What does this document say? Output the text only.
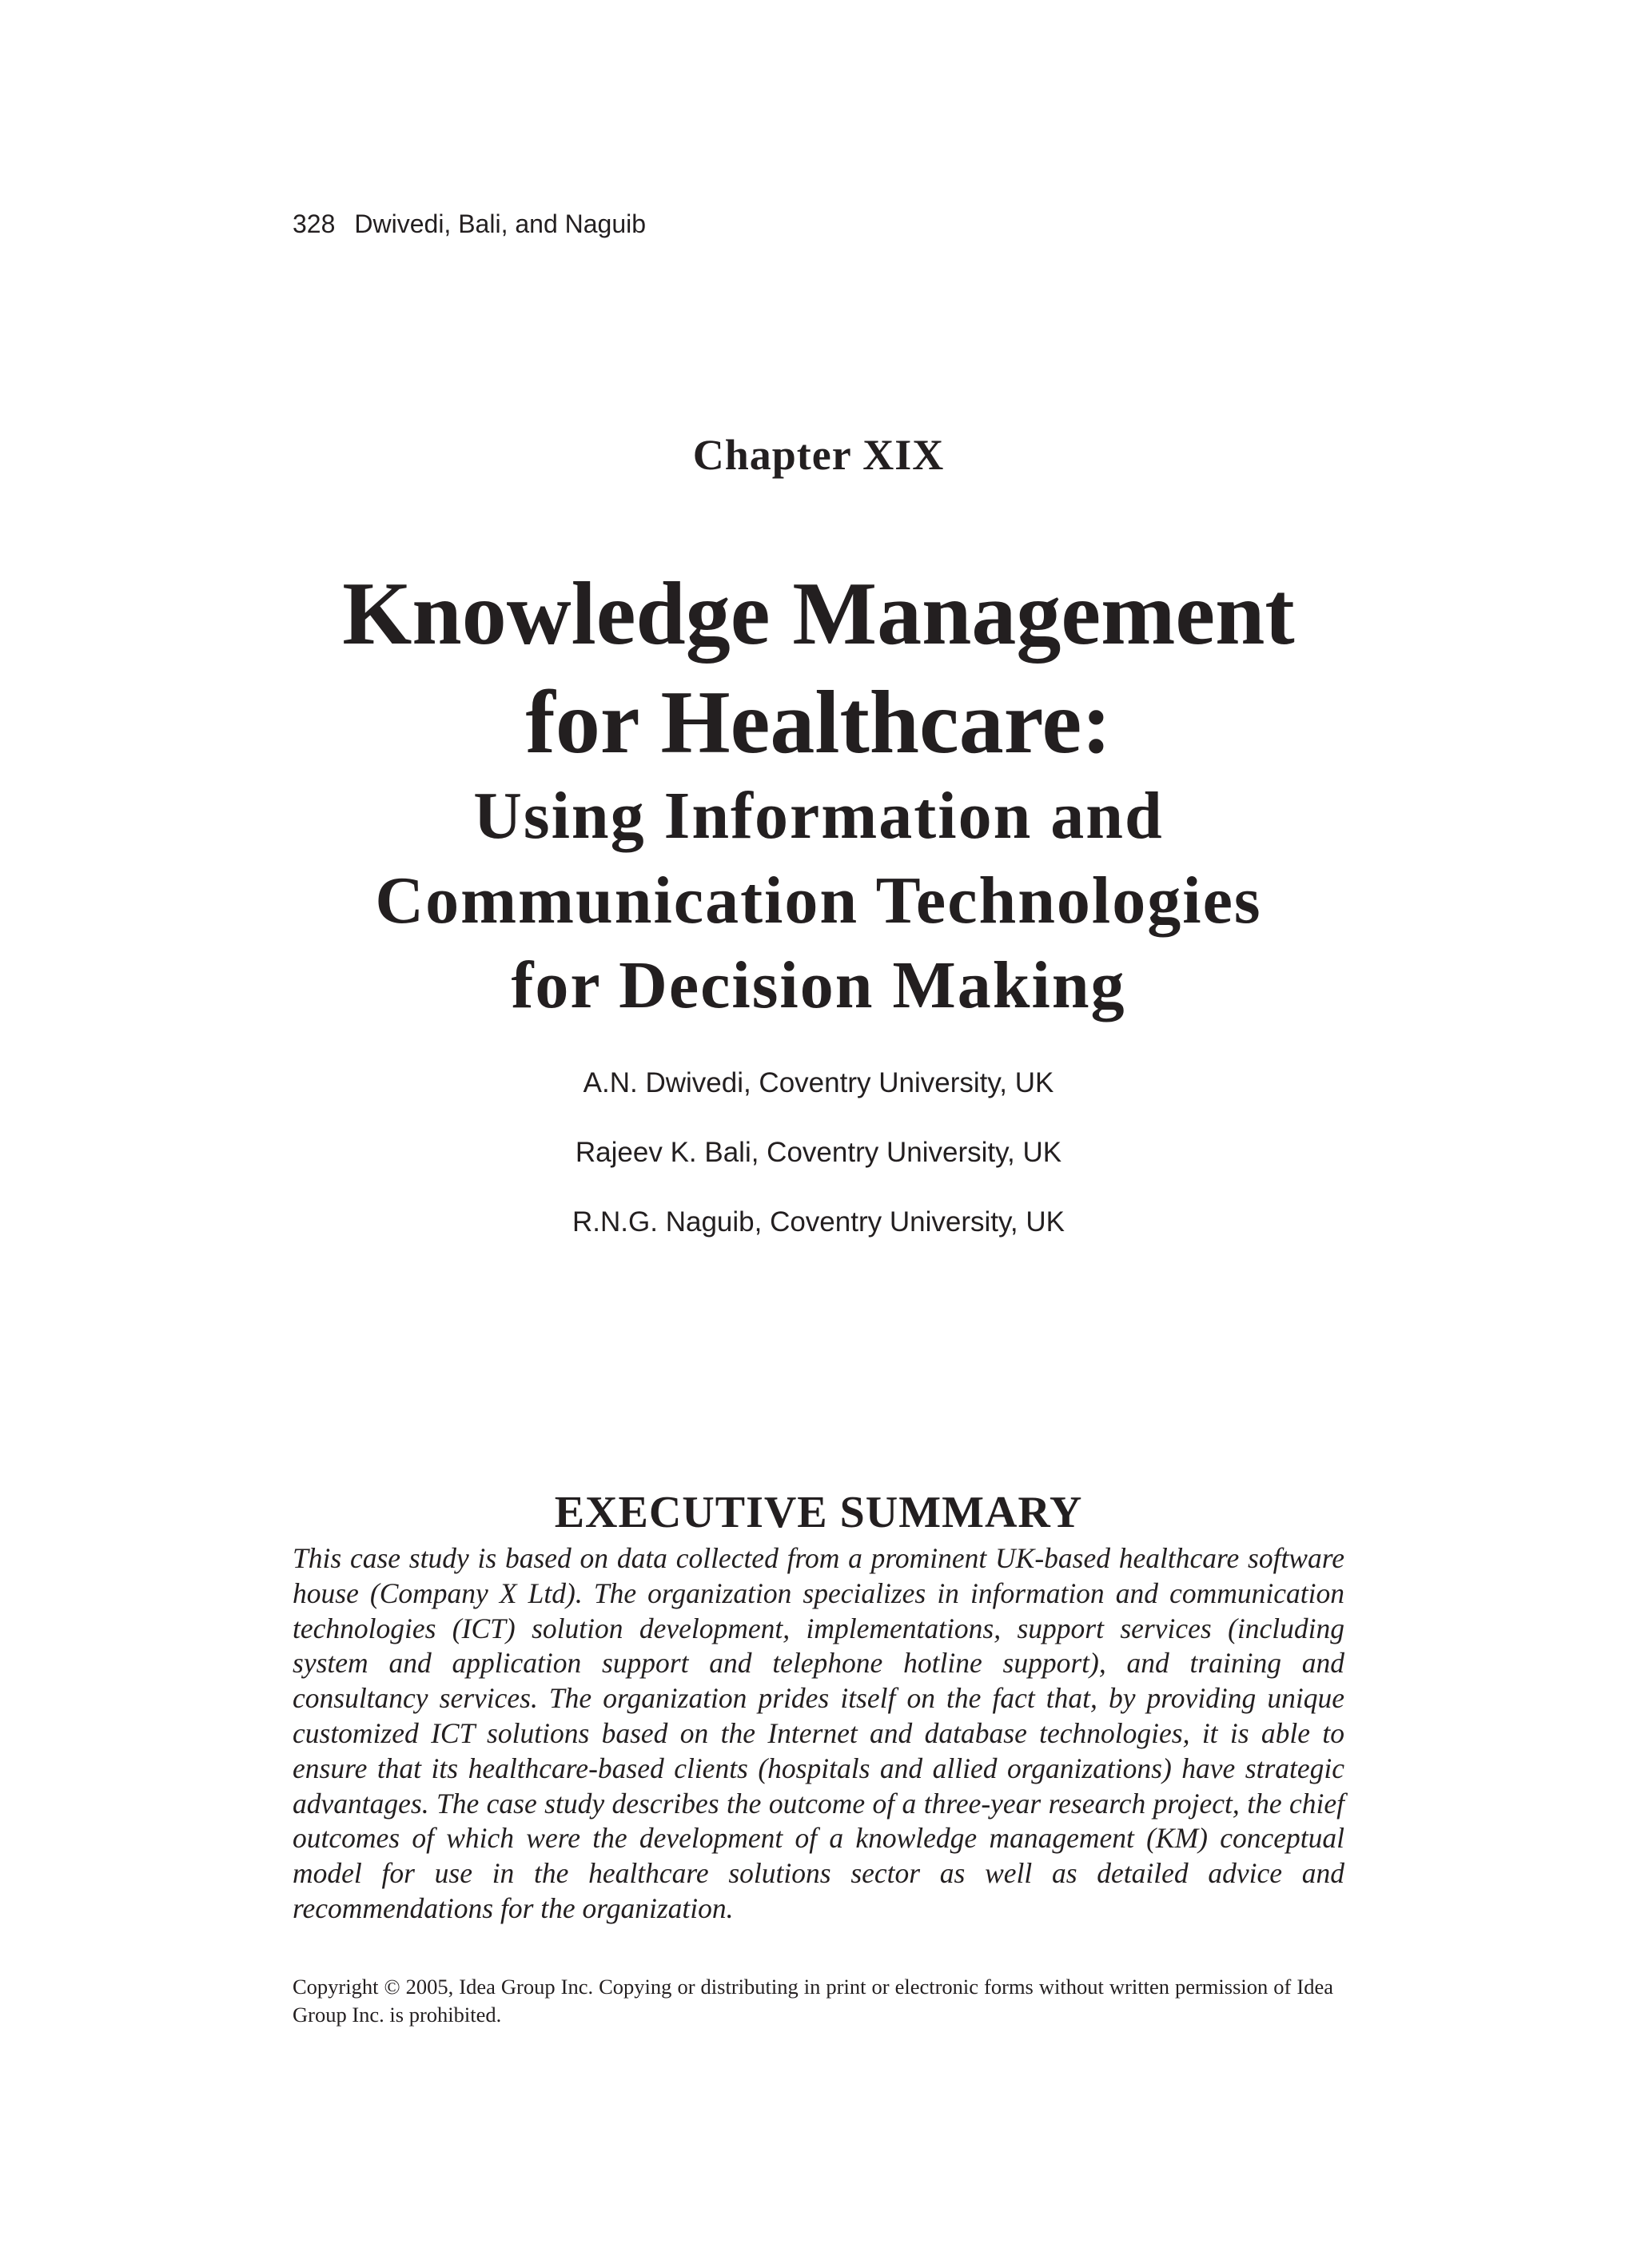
328 Dwivedi, Bali, and Naguib
Chapter XIX
Knowledge Management
for Healthcare:
Using Information and
Communication Technologies
for Decision Making
A.N. Dwivedi, Coventry University, UK
Rajeev K. Bali, Coventry University, UK
R.N.G. Naguib, Coventry University, UK
EXECUTIVE SUMMARY

This case study is based on data collected from a prominent UK-based healthcare software house (Company X Ltd). The organization specializes in information and communication technologies (ICT) solution development, implementations, support services (including system and application support and telephone hotline support), and training and consultancy services. The organization prides itself on the fact that, by providing unique customized ICT solutions based on the Internet and database technologies, it is able to ensure that its healthcare-based clients (hospitals and allied organizations) have strategic advantages. The case study describes the outcome of a three-year research project, the chief outcomes of which were the development of a knowledge management (KM) conceptual model for use in the healthcare solutions sector as well as detailed advice and recommendations for the organization.

Copyright © 2005, Idea Group Inc. Copying or distributing in print or electronic forms without written permission of Idea Group Inc. is prohibited.
